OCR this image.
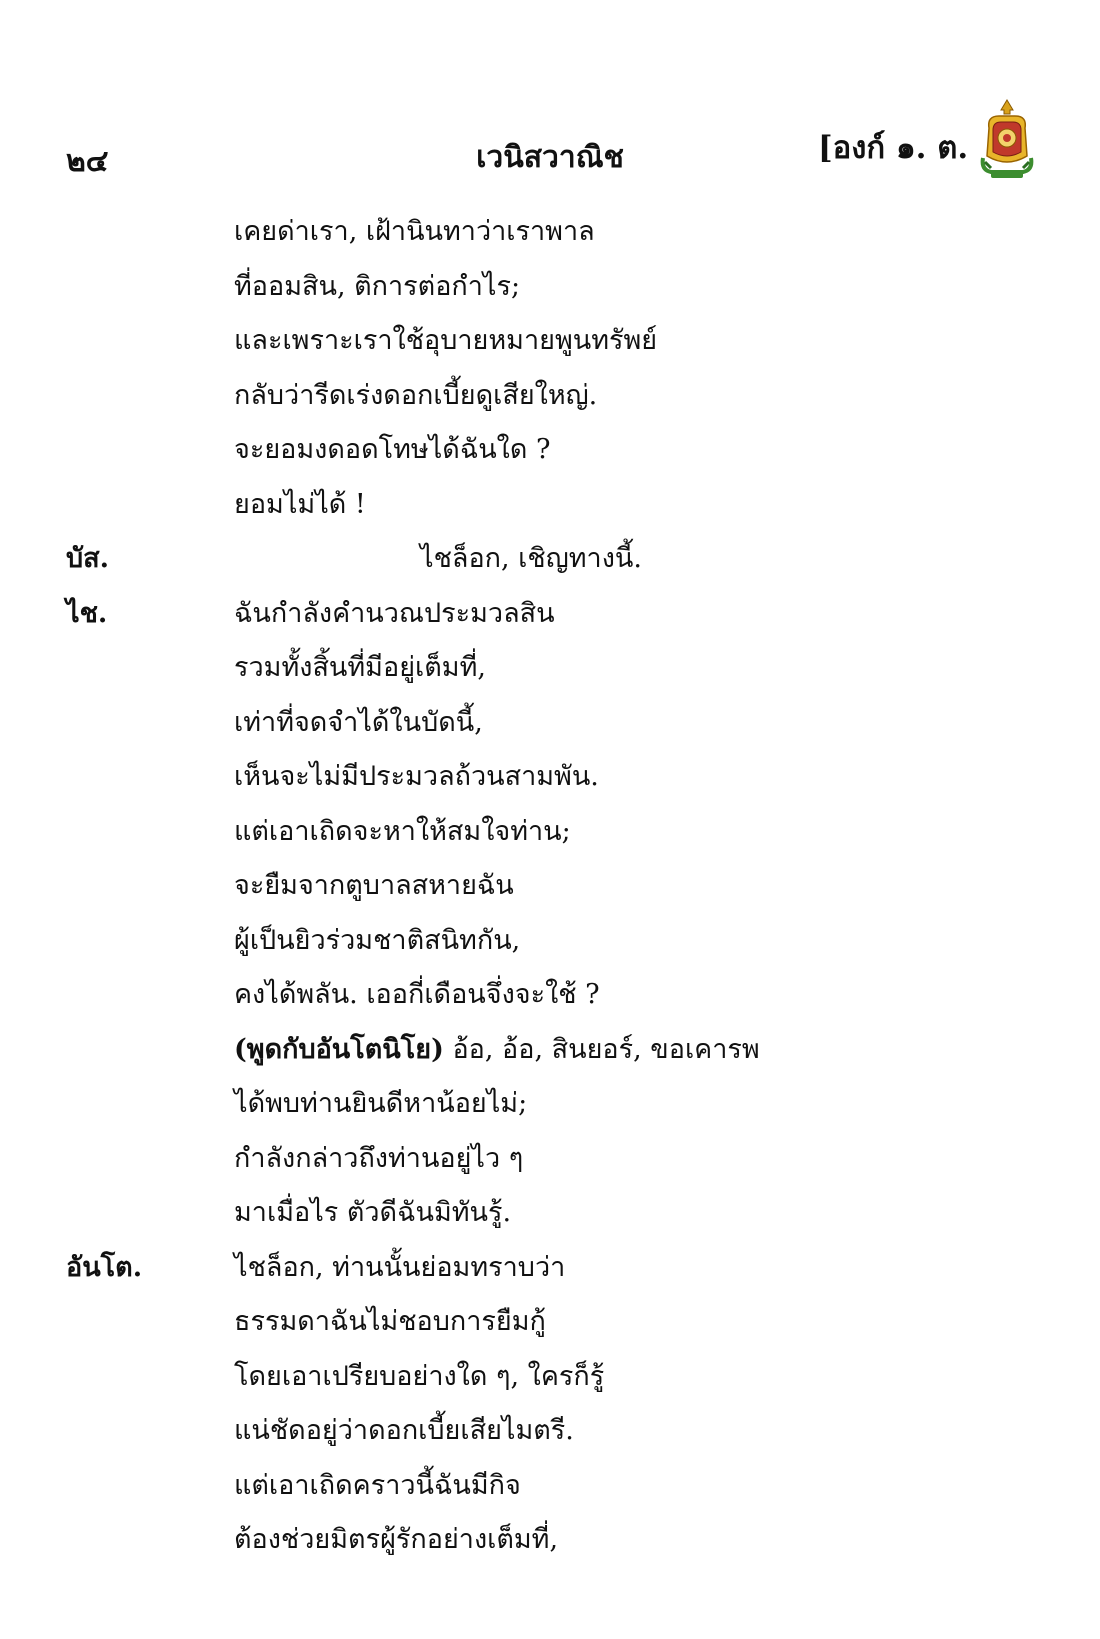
๒๔	เวนิสวาณิช	[องก์ ๑. ต.
เคยด่าเรา, เฝ้านินทาว่าเราพาล
ที่ออมสิน, ติการต่อกำไร;
และเพราะเราใช้อุบายหมายพูนทรัพย์
กลับว่ารีดเร่งดอกเบี้ยดูเสียใหญ่.
จะยอมงดอดโทษได้ฉันใด ?
ยอมไม่ได้ !
บัส.	ไชล็อก, เชิญทางนี้.
ไช.	ฉันกำลังคำนวณประมวลสิน
รวมทั้งสิ้นที่มีอยู่เต็มที่,
เท่าที่จดจำได้ในบัดนี้,
เห็นจะไม่มีประมวลถ้วนสามพัน.
แต่เอาเถิดจะหาให้สมใจท่าน;
จะยืมจากตูบาลสหายฉัน
ผู้เป็นยิวร่วมชาติสนิทกัน,
คงได้พลัน. เออกี่เดือนจึ่งจะใช้ ?
(พูดกับอันโตนิโย) อ้อ, อ้อ, สินยอร์, ขอเคารพ
ได้พบท่านยินดีหาน้อยไม่;
กำลังกล่าวถึงท่านอยู่ไว ๆ
มาเมื่อไร ตัวดีฉันมิทันรู้.
อันโต.	ไชล็อก, ท่านนั้นย่อมทราบว่า
ธรรมดาฉันไม่ชอบการยืมกู้
โดยเอาเปรียบอย่างใด ๆ, ใครก็รู้
แน่ชัดอยู่ว่าดอกเบี้ยเสียไมตรี.
แต่เอาเถิดคราวนี้ฉันมีกิจ
ต้องช่วยมิตรผู้รักอย่างเต็มที่,
